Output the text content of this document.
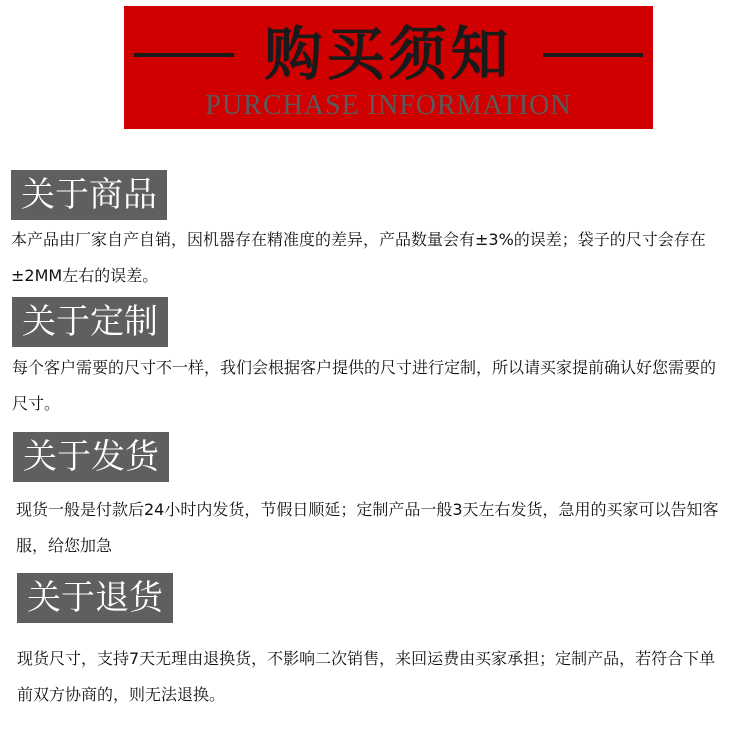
购买须知
PURCHASE INFORMATION
关于商品
本产品由厂家自产自销，因机器存在精准度的差异，产品数量会有±3%的误差；袋子的尺寸会存在±2MM左右的误差。
关于定制
每个客户需要的尺寸不一样，我们会根据客户提供的尺寸进行定制，所以请买家提前确认好您需要的尺寸。
关于发货
现货一般是付款后24小时内发货，节假日顺延；定制产品一般3天左右发货，急用的买家可以告知客服，给您加急
关于退货
现货尺寸，支持7天无理由退换货，不影响二次销售，来回运费由买家承担；定制产品，若符合下单前双方协商的，则无法退换。
